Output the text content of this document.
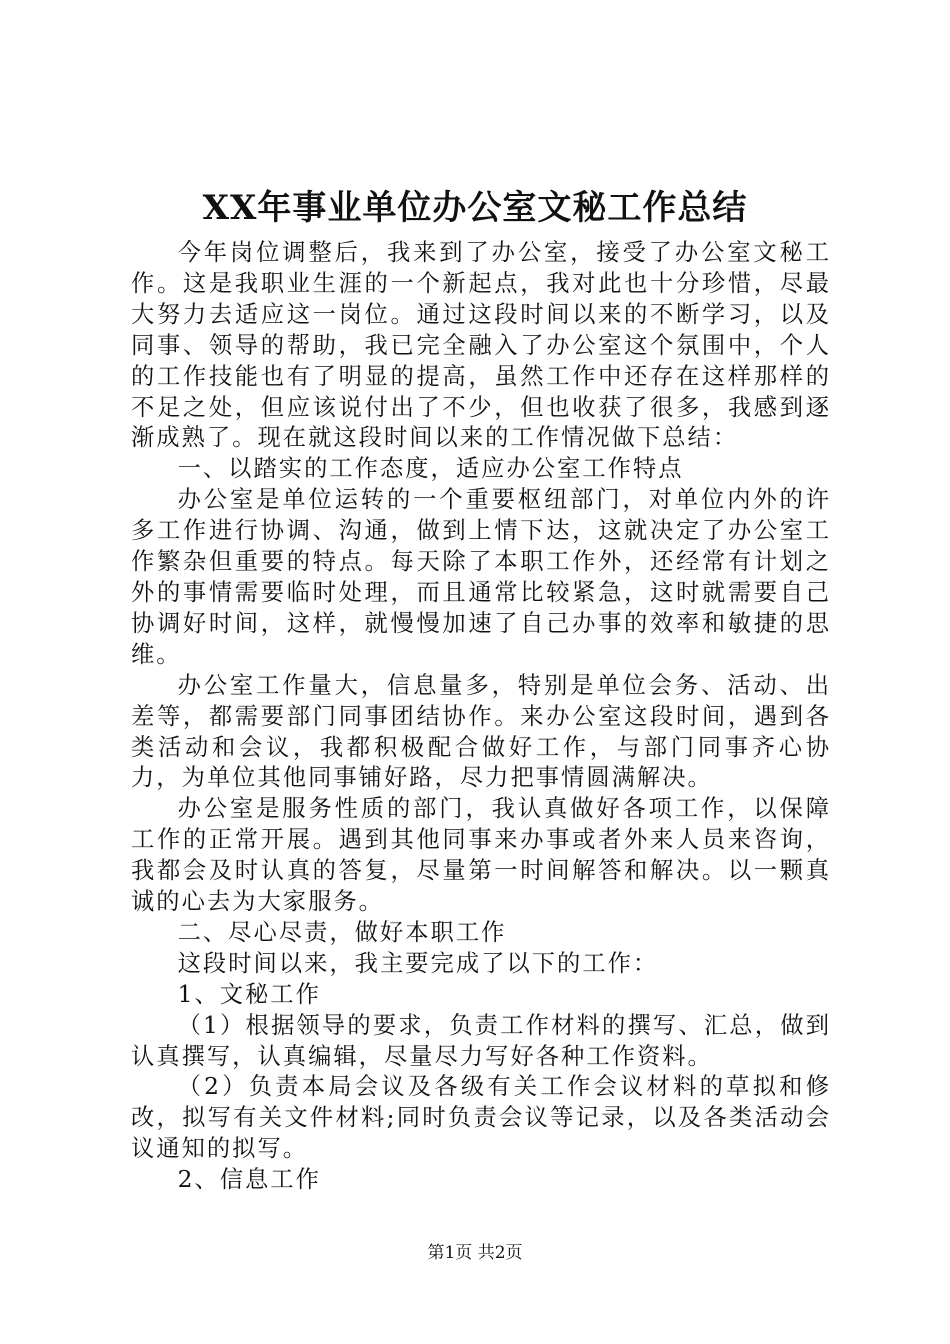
XX年事业单位办公室文秘工作总结

今年岗位调整后，我来到了办公室，接受了办公室文秘工作。这是我职业生涯的一个新起点，我对此也十分珍惜，尽最大努力去适应这一岗位。通过这段时间以来的不断学习，以及同事、领导的帮助，我已完全融入了办公室这个氛围中，个人的工作技能也有了明显的提高，虽然工作中还存在这样那样的不足之处，但应该说付出了不少，但也收获了很多，我感到逐渐成熟了。现在就这段时间以来的工作情况做下总结：

一、以踏实的工作态度，适应办公室工作特点

办公室是单位运转的一个重要枢纽部门，对单位内外的许多工作进行协调、沟通，做到上情下达，这就决定了办公室工作繁杂但重要的特点。每天除了本职工作外，还经常有计划之外的事情需要临时处理，而且通常比较紧急，这时就需要自己协调好时间，这样，就慢慢加速了自己办事的效率和敏捷的思维。

办公室工作量大，信息量多，特别是单位会务、活动、出差等，都需要部门同事团结协作。来办公室这段时间，遇到各类活动和会议，我都积极配合做好工作，与部门同事齐心协力，为单位其他同事铺好路，尽力把事情圆满解决。

办公室是服务性质的部门，我认真做好各项工作，以保障工作的正常开展。遇到其他同事来办事或者外来人员来咨询，我都会及时认真的答复，尽量第一时间解答和解决。以一颗真诚的心去为大家服务。

二、尽心尽责，做好本职工作

这段时间以来，我主要完成了以下的工作：

1、文秘工作

（1）根据领导的要求，负责工作材料的撰写、汇总，做到认真撰写，认真编辑，尽量尽力写好各种工作资料。

（2）负责本局会议及各级有关工作会议材料的草拟和修改，拟写有关文件材料;同时负责会议等记录，以及各类活动会议通知的拟写。

2、信息工作

第1页 共2页
